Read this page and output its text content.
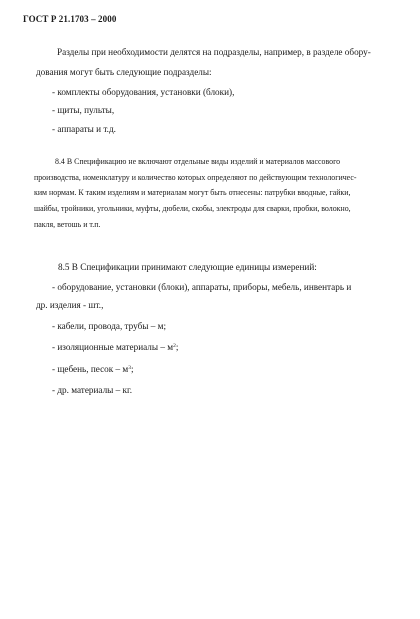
ГОСТ Р 21.1703 – 2000
Разделы при необходимости делятся на подразделы, например, в разделе обору-
дования могут быть следующие подразделы:
- комплекты оборудования, установки (блоки),
- щиты, пульты,
- аппараты и т.д.
8.4 В Спецификацию не включают отдельные виды изделий и материалов массового
производства, номенклатуру и количество которых определяют по действующим технологичес-
ким нормам. К таким изделиям и материалам могут быть отнесены: патрубки вводные, гайки,
шайбы, тройники, угольники, муфты, дюбели, скобы, электроды для сварки, пробки, волокно,
пакля, ветошь и т.п.
8.5 В Спецификации принимают следующие единицы измерений:
- оборудование, установки (блоки), аппараты, приборы, мебель, инвентарь и
др. изделия - шт.,
- кабели, провода, трубы – м;
- изоляционные материалы – $м^2$;
- щебень, песок – $м^3$;
- др. материалы – кг.
